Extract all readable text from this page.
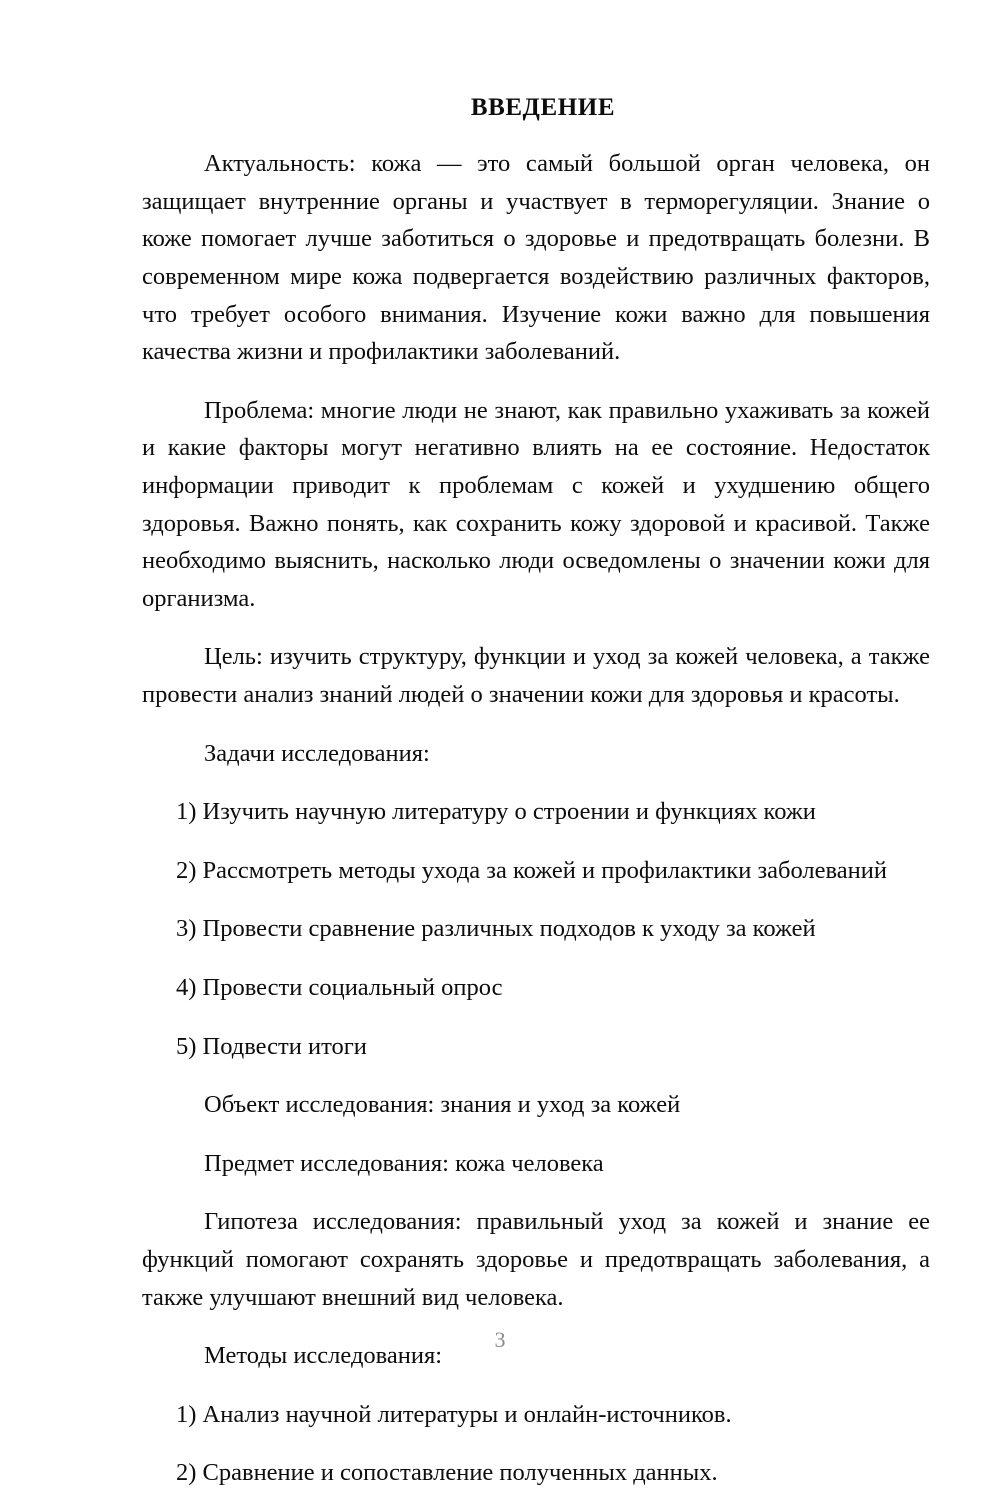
ВВЕДЕНИЕ

Актуальность: кожа — это самый большой орган человека, он защищает внутренние органы и участвует в терморегуляции. Знание о коже помогает лучше заботиться о здоровье и предотвращать болезни. В современном мире кожа подвергается воздействию различных факторов, что требует особого внимания. Изучение кожи важно для повышения качества жизни и профилактики заболеваний.

Проблема: многие люди не знают, как правильно ухаживать за кожей и какие факторы могут негативно влиять на ее состояние. Недостаток информации приводит к проблемам с кожей и ухудшению общего здоровья. Важно понять, как сохранить кожу здоровой и красивой. Также необходимо выяснить, насколько люди осведомлены о значении кожи для организма.

Цель: изучить структуру, функции и уход за кожей человека, а также провести анализ знаний людей о значении кожи для здоровья и красоты.

Задачи исследования:

1) Изучить научную литературу о строении и функциях кожи
2) Рассмотреть методы ухода за кожей и профилактики заболеваний
3) Провести сравнение различных подходов к уходу за кожей
4) Провести социальный опрос
5) Подвести итоги

Объект исследования: знания и уход за кожей

Предмет исследования: кожа человека

Гипотеза исследования: правильный уход за кожей и знание ее функций помогают сохранять здоровье и предотвращать заболевания, а также улучшают внешний вид человека.

Методы исследования:

1) Анализ научной литературы и онлайн-источников.
2) Сравнение и сопоставление полученных данных.
3
